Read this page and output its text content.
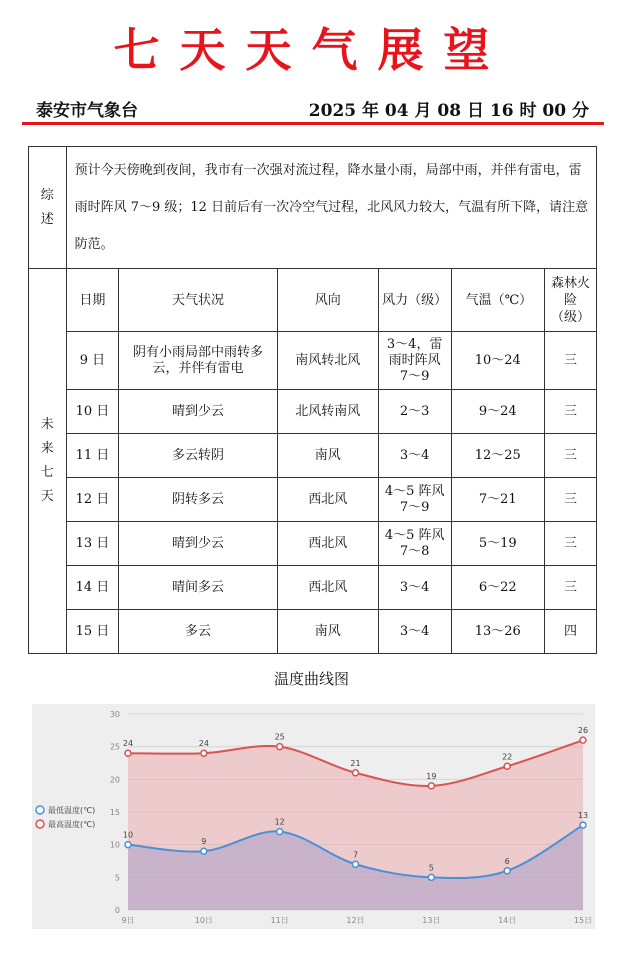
七天天气展望
泰安市气象台	2025 年 04 月 08 日 16 时 00 分
综述	预计今天傍晚到夜间，我市有一次强对流过程，降水量小雨，局部中雨，并伴有雷电，雷雨时阵风 7～9 级；12 日前后有一次冷空气过程，北风风力较大，气温有所下降，请注意防范。					
未来七天	日期	天气状况	风向	风力（级）	气温（℃）	森林火险（级）
	9 日	阴有小雨局部中雨转多云，并伴有雷电	南风转北风	3～4，雷雨时阵风 7～9	10～24	三
	10 日	晴到少云	北风转南风	2～3	9～24	三
	11 日	多云转阴	南风	3～4	12～25	三
	12 日	阴转多云	西北风	4～5 阵风 7～9	7～21	三
	13 日	晴到少云	西北风	4～5 阵风 7～8	5～19	三
	14 日	晴间多云	西北风	3～4	6～22	三
	15 日	多云	南风	3～4	13～26	四
温度曲线图
0
5
10
15
20
25
30
9日	10日	11日	12日	13日	14日	15日
10
9
12
7
5
6
13
24	24
25
21
19
22
26
最低温度(℃)
最高温度(℃)
